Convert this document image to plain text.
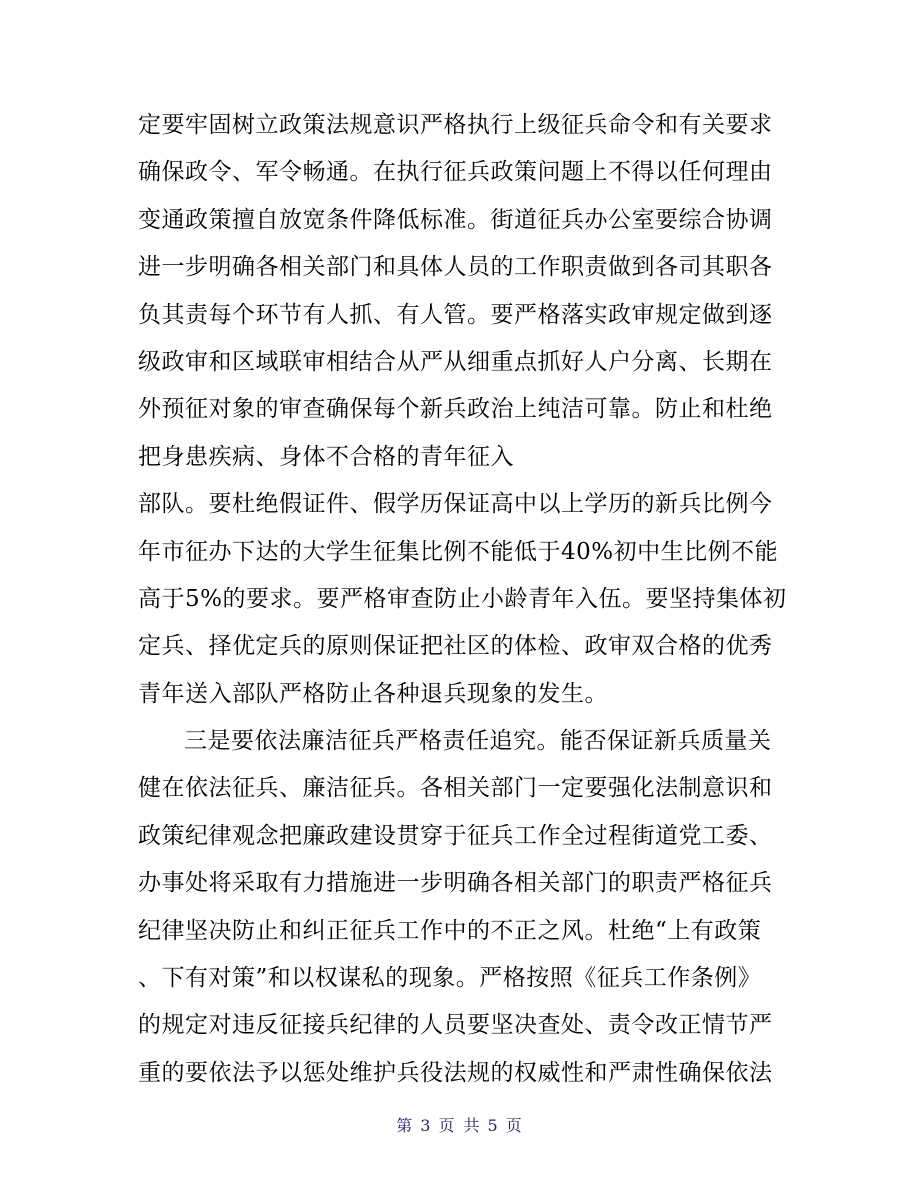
定要牢固树立政策法规意识严格执行上级征兵命令和有关要求
确保政令、军令畅通。在执行征兵政策问题上不得以任何理由
变通政策擅自放宽条件降低标准。街道征兵办公室要综合协调
进一步明确各相关部门和具体人员的工作职责做到各司其职各
负其责每个环节有人抓、有人管。要严格落实政审规定做到逐
级政审和区域联审相结合从严从细重点抓好人户分离、长期在
外预征对象的审查确保每个新兵政治上纯洁可靠。防止和杜绝
把身患疾病、身体不合格的青年征入
部队。要杜绝假证件、假学历保证高中以上学历的新兵比例今
年市征办下达的大学生征集比例不能低于40%初中生比例不能
高于5%的要求。要严格审查防止小龄青年入伍。要坚持集体初
定兵、择优定兵的原则保证把社区的体检、政审双合格的优秀
青年送入部队严格防止各种退兵现象的发生。
三是要依法廉洁征兵严格责任追究。能否保证新兵质量关
健在依法征兵、廉洁征兵。各相关部门一定要强化法制意识和
政策纪律观念把廉政建设贯穿于征兵工作全过程街道党工委、
办事处将采取有力措施进一步明确各相关部门的职责严格征兵
纪律坚决防止和纠正征兵工作中的不正之风。杜绝“上有政策
、下有对策”和以权谋私的现象。严格按照《征兵工作条例》
的规定对违反征接兵纪律的人员要坚决查处、责令改正情节严
重的要依法予以惩处维护兵役法规的权威性和严肃性确保依法
第 3 页 共 5 页
